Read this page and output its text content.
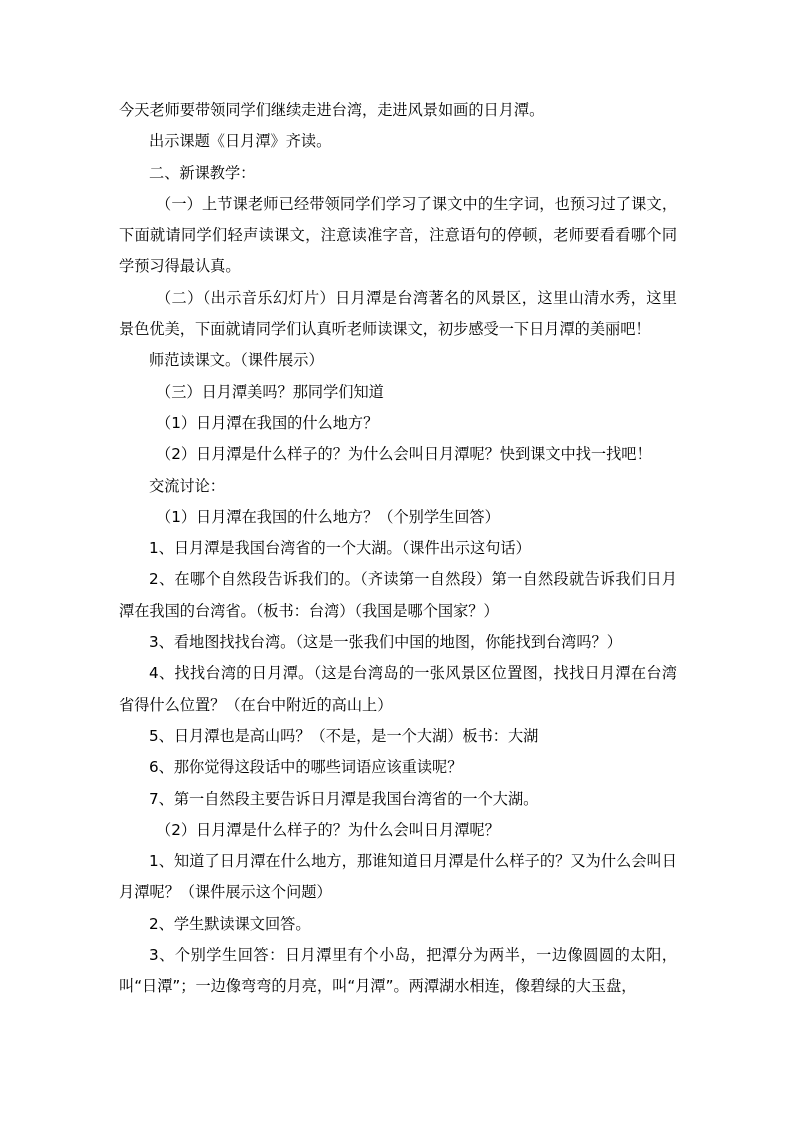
今天老师要带领同学们继续走进台湾，走进风景如画的日月潭。

出示课题《日月潭》齐读。

二、新课教学：

（一）上节课老师已经带领同学们学习了课文中的生字词，也预习过了课文，下面就请同学们轻声读课文，注意读准字音，注意语句的停顿，老师要看看哪个同学预习得最认真。

（二）（出示音乐幻灯片）日月潭是台湾著名的风景区，这里山清水秀，这里景色优美，下面就请同学们认真听老师读课文，初步感受一下日月潭的美丽吧！

师范读课文。（课件展示）

（三）日月潭美吗？那同学们知道

（1）日月潭在我国的什么地方？

（2）日月潭是什么样子的？为什么会叫日月潭呢？快到课文中找一找吧！

交流讨论：

（1）日月潭在我国的什么地方？（个别学生回答）

1、日月潭是我国台湾省的一个大湖。（课件出示这句话）

2、在哪个自然段告诉我们的。（齐读第一自然段）第一自然段就告诉我们日月潭在我国的台湾省。（板书：台湾）（我国是哪个国家？）

3、看地图找找台湾。（这是一张我们中国的地图，你能找到台湾吗？）

4、找找台湾的日月潭。（这是台湾岛的一张风景区位置图，找找日月潭在台湾省得什么位置？（在台中附近的高山上）

5、日月潭也是高山吗？（不是，是一个大湖）板书：大湖

6、那你觉得这段话中的哪些词语应该重读呢？

7、第一自然段主要告诉日月潭是我国台湾省的一个大湖。

（2）日月潭是什么样子的？为什么会叫日月潭呢？

1、知道了日月潭在什么地方，那谁知道日月潭是什么样子的？又为什么会叫日月潭呢？（课件展示这个问题）

2、学生默读课文回答。

3、个别学生回答：日月潭里有个小岛，把潭分为两半，一边像圆圆的太阳，叫“日潭”；一边像弯弯的月亮，叫“月潭”。两潭湖水相连，像碧绿的大玉盘，
